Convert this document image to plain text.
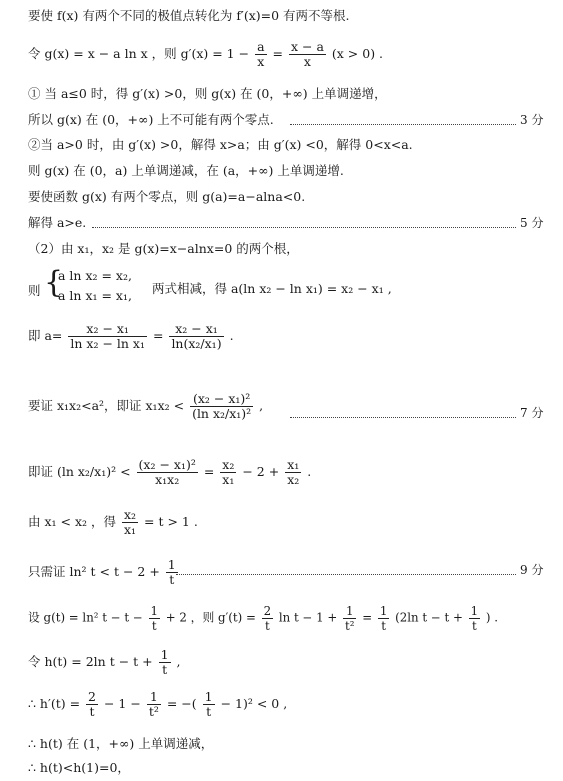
要使 f(x) 有两个不同的极值点转化为 f′(x)=0 有两不等根.
令 g(x) = x − a ln x ，则 $g'(x) = 1 - \frac{a}{x} = \frac{x - a}{x} (x > 0)$ .
① 当 a≤0 时，得 g′(x) >0，则 g(x) 在 (0，+∞) 上单调递增，
所以 g(x) 在 (0，+∞) 上不可能有两个零点.	3 分
②当 a>0 时，由 g′(x) >0，解得 x>a；由 g′(x) <0，解得 0<x<a.
则 g(x) 在 (0，a) 上单调递减，在 (a，+∞) 上单调递增.
要使函数 g(x) 有两个零点，则 g(a)=a−alna<0.
解得 a>e.	5 分
（2）由 x₁，x₂ 是 g(x)=x−alnx=0 的两个根，
则 {
a ln x₂ = x₂,
a ln x₁ = x₁, 两式相减，得 a(ln x₂ − ln x₁) = x₂ − x₁ ,
即 $a= \frac{\text{x₂ − x₁}}{\text{ln x₂ − ln x₁}} = \frac{\text{x₂ − x₁}}{\text{ln(x₂/x₁)}}$ .
要证 x₁x₂<a²，即证 $x_1x_2 < \frac{\text{(x₂ − x₁)²}}{\text{(ln x₂/x₁)²}}$ ,	7 分
即证 (ln $x_2/x_1)^2 < \frac{\text{(x₂ − x₁)²}}{\text{x₁x₂}} = \frac{\text{x₂}}{\text{x₁}} - 2 + \frac{\text{x₁}}{\text{x₂}}$ .
由 x₁ < x₂ ，得 $\frac{\text{x₂}}{\text{x₁}} = t > 1$ .
只需证 ln² $t < t - 2 + \frac{1}{t}$	9 分
设 g(t) = ln² $t - t - \frac{1}{t} + 2$ ，则 $g'(t) = \frac{2}{t}$ $\ln t - 1 + \frac{1}{\text{t²}} = \frac{1}{t} (2\ln$ $t - t + \frac{1}{t}$ ) .
令 h(t) = 2ln $t - t + \frac{1}{t}$ ,
∴ $h'(t) = \frac{2}{t} - 1 - \frac{1}{\text{t²}}$ = −( $\frac{1}{t} - 1)^2 < 0$ ,
∴ h(t) 在 (1，+∞) 上单调递减，
∴ h(t)<h(1)=0，
